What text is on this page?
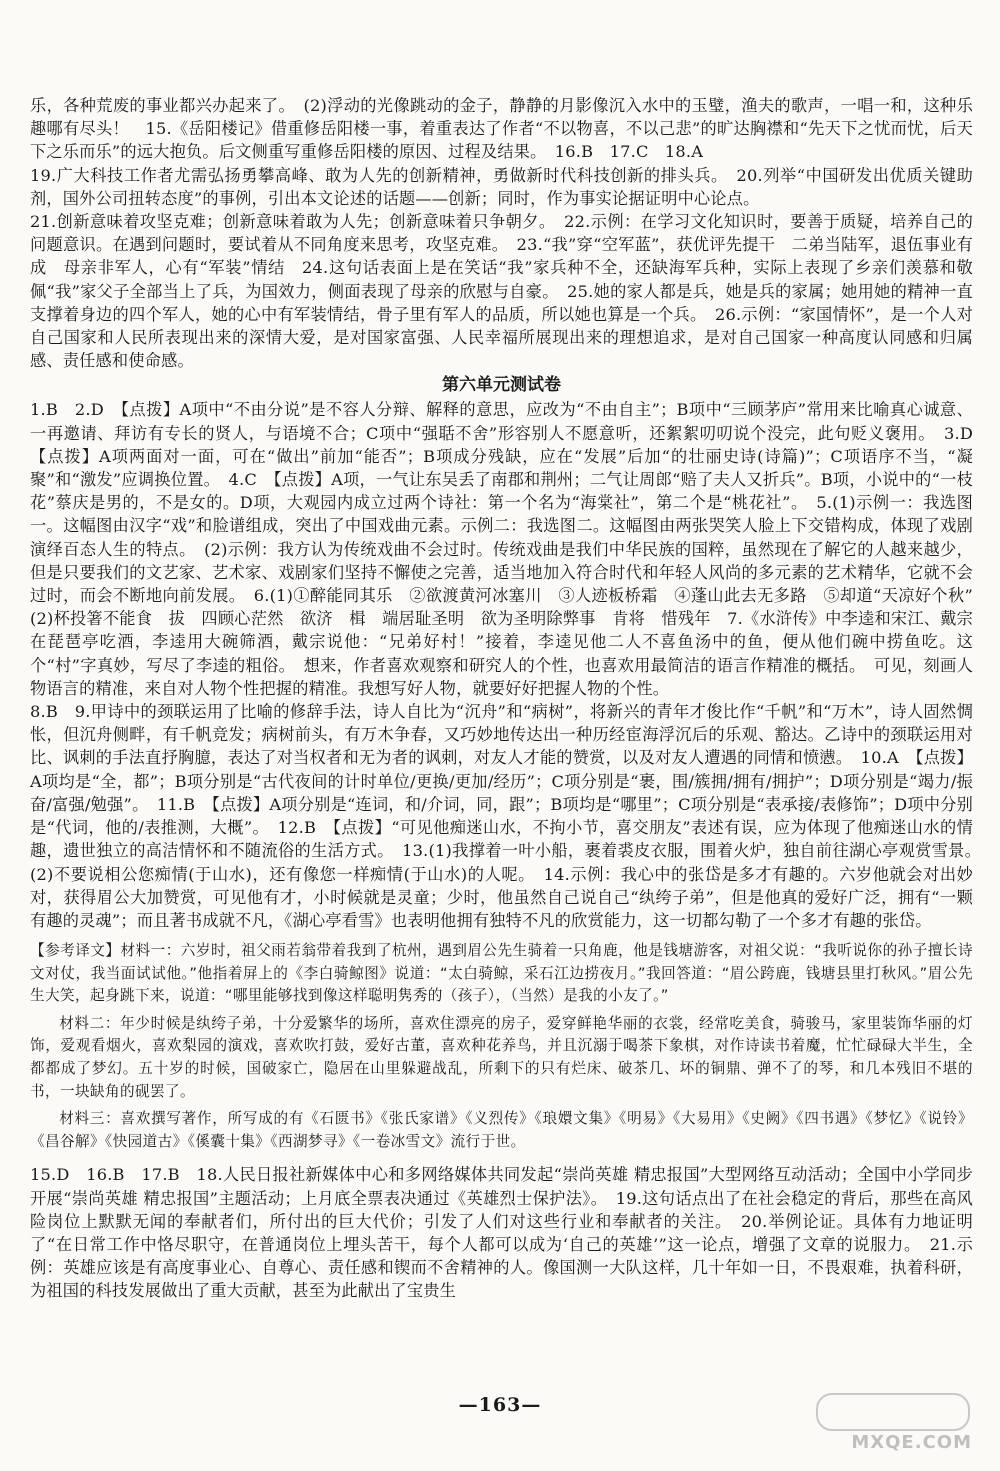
乐，各种荒废的事业都兴办起来了。　(2)浮动的光像跳动的金子，静静的月影像沉入水中的玉璧，渔夫的歌声，一唱一和，这种乐趣哪有尽头！　15.《岳阳楼记》借重修岳阳楼一事，着重表达了作者“不以物喜，不以己悲”的旷达胸襟和“先天下之忧而忧，后天下之乐而乐”的远大抱负。后文侧重写重修岳阳楼的原因、过程及结果。　16.B　17.C　18.A

19.广大科技工作者尤需弘扬勇攀高峰、敢为人先的创新精神，勇做新时代科技创新的排头兵。　20.列举“中国研发出优质关键助剂，国外公司扭转态度”的事例，引出本文论述的话题——创新；同时，作为事实论据证明中心论点。

21.创新意味着攻坚克难；创新意味着敢为人先；创新意味着只争朝夕。　22.示例：在学习文化知识时，要善于质疑，培养自己的问题意识。在遇到问题时，要试着从不同角度来思考，攻坚克难。　23.“我”穿“空军蓝”，获优评先提干　二弟当陆军，退伍事业有成　母亲非军人，心有“军装”情结　24.这句话表面上是在笑话“我”家兵种不全，还缺海军兵种，实际上表现了乡亲们羡慕和敬佩“我”家父子全部当上了兵，为国效力，侧面表现了母亲的欣慰与自豪。　25.她的家人都是兵，她是兵的家属；她用她的精神一直支撑着身边的四个军人，她的心中有军装情结，骨子里有军人的品质，所以她也算是一个兵。　26.示例：“家国情怀”，是一个人对自己国家和人民所表现出来的深情大爱，是对国家富强、人民幸福所展现出来的理想追求，是对自己国家一种高度认同感和归属感、责任感和使命感。

第六单元测试卷

1.B　2.D　【点拨】A项中“不由分说”是不容人分辩、解释的意思，应改为“不由自主”；B项中“三顾茅庐”常用来比喻真心诚意、一再邀请、拜访有专长的贤人，与语境不合；C项中“强聒不舍”形容别人不愿意听，还絮絮叨叨说个没完，此句贬义褒用。　3.D　【点拨】A项两面对一面，可在“做出”前加“能否”；B项成分残缺，应在“发展”后加“的壮丽史诗(诗篇)”；C项语序不当，“凝聚”和“激发”应调换位置。　4.C　【点拨】A项，一气让东吴丢了南郡和荆州；二气让周郎“赔了夫人又折兵”。B项，小说中的“一枝花”蔡庆是男的，不是女的。D项，大观园内成立过两个诗社：第一个名为“海棠社”，第二个是“桃花社”。　5.(1)示例一：我选图一。这幅图由汉字“戏”和脸谱组成，突出了中国戏曲元素。示例二：我选图二。这幅图由两张哭笑人脸上下交错构成，体现了戏剧演绎百态人生的特点。　(2)示例：我方认为传统戏曲不会过时。传统戏曲是我们中华民族的国粹，虽然现在了解它的人越来越少，但是只要我们的文艺家、艺术家、戏剧家们坚持不懈使之完善，适当地加入符合时代和年轻人风尚的多元素的艺术精华，它就不会过时，而会不断地向前发展。　6.(1)①醉能同其乐　②欲渡黄河冰塞川　③人迹板桥霜　④蓬山此去无多路　⑤却道“天凉好个秋”　(2)杯投箸不能食　拔　四顾心茫然　欲济　楫　端居耻圣明　欲为圣明除弊事　肯将　惜残年　7.《水浒传》中李逵和宋江、戴宗在琵琶亭吃酒，李逵用大碗筛酒，戴宗说他：“兄弟好村！”接着，李逵见他二人不喜鱼汤中的鱼，便从他们碗中捞鱼吃。这个“村”字真妙，写尽了李逵的粗俗。　想来，作者喜欢观察和研究人的个性，也喜欢用最简洁的语言作精准的概括。　可见，刻画人物语言的精准，来自对人物个性把握的精准。我想写好人物，就要好好把握人物的个性。

8.B　9.甲诗中的颈联运用了比喻的修辞手法，诗人自比为“沉舟”和“病树”，将新兴的青年才俊比作“千帆”和“万木”，诗人固然惆怅，但沉舟侧畔，有千帆竞发；病树前头，有万木争春，又巧妙地传达出一种历经宦海浮沉后的乐观、豁达。乙诗中的颈联运用对比、讽刺的手法直抒胸臆，表达了对当权者和无为者的讽刺，对友人才能的赞赏，以及对友人遭遇的同情和愤懑。　10.A　【点拨】A项均是“全，都”；B项分别是“古代夜间的计时单位/更换/更加/经历”；C项分别是“裹，围/簇拥/拥有/拥护”；D项分别是“竭力/振奋/富强/勉强”。　11.B　【点拨】A项分别是“连词，和/介词，同，跟”；B项均是“哪里”；C项分别是“表承接/表修饰”；D项中分别是“代词，他的/表推测，大概”。　12.B　【点拨】“可见他痴迷山水，不拘小节，喜交朋友”表述有误，应为体现了他痴迷山水的情趣，遗世独立的高洁情怀和不随流俗的生活方式。　13.(1)我撑着一叶小船，裹着裘皮衣服，围着火炉，独自前往湖心亭观赏雪景。　(2)不要说相公您痴情(于山水)，还有像您一样痴情(于山水)的人呢。　14.示例：我心中的张岱是多才有趣的。六岁他就会对出妙对，获得眉公大加赞赏，可见他有才，小时候就是灵童；少时，他虽然自己说自己“纨绔子弟”，但是他真的爱好广泛，拥有“一颗有趣的灵魂”；而且著书成就不凡，《湖心亭看雪》也表明他拥有独特不凡的欣赏能力，这一切都勾勒了一个多才有趣的张岱。

【参考译文】材料一：六岁时，祖父雨若翁带着我到了杭州，遇到眉公先生骑着一只角鹿，他是钱塘游客，对祖父说：“我听说你的孙子擅长诗文对仗，我当面试试他。”他指着屏上的《李白骑鲸图》说道：“太白骑鲸，采石江边捞夜月。”我回答道：“眉公跨鹿，钱塘县里打秋风。”眉公先生大笑，起身跳下来，说道：“哪里能够找到像这样聪明隽秀的（孩子），（当然）是我的小友了。”

材料二：年少时候是纨绔子弟，十分爱繁华的场所，喜欢住漂亮的房子，爱穿鲜艳华丽的衣裳，经常吃美食，骑骏马，家里装饰华丽的灯饰，爱观看烟火，喜欢梨园的演戏，喜欢吹打鼓，爱好古董，喜欢种花养鸟，并且沉溺于喝茶下象棋，对作诗读书着魔，忙忙碌碌大半生，全都都成了梦幻。五十岁的时候，国破家亡，隐居在山里躲避战乱，所剩下的只有烂床、破茶几、坏的铜鼎、弹不了的琴，和几本残旧不堪的书，一块缺角的砚罢了。

材料三：喜欢撰写著作，所写成的有《石匮书》《张氏家谱》《义烈传》《琅嬛文集》《明易》《大易用》《史阙》《四书遇》《梦忆》《说铃》《昌谷解》《快园道古》《傒囊十集》《西湖梦寻》《一卷冰雪文》流行于世。

15.D　16.B　17.B　18.人民日报社新媒体中心和多网络媒体共同发起“崇尚英雄 精忠报国”大型网络互动活动；全国中小学同步开展“崇尚英雄 精忠报国”主题活动；上月底全票表决通过《英雄烈士保护法》。　19.这句话点出了在社会稳定的背后，那些在高风险岗位上默默无闻的奉献者们，所付出的巨大代价；引发了人们对这些行业和奉献者的关注。　20.举例论证。具体有力地证明了“在日常工作中恪尽职守，在普通岗位上埋头苦干，每个人都可以成为‘自己的英雄’”这一论点，增强了文章的说服力。　21.示例：英雄应该是有高度事业心、自尊心、责任感和锲而不舍精神的人。像国测一大队这样，几十年如一日，不畏艰难，执着科研，为祖国的科技发展做出了重大贡献，甚至为此献出了宝贵生

—163—
MXQE.COM
